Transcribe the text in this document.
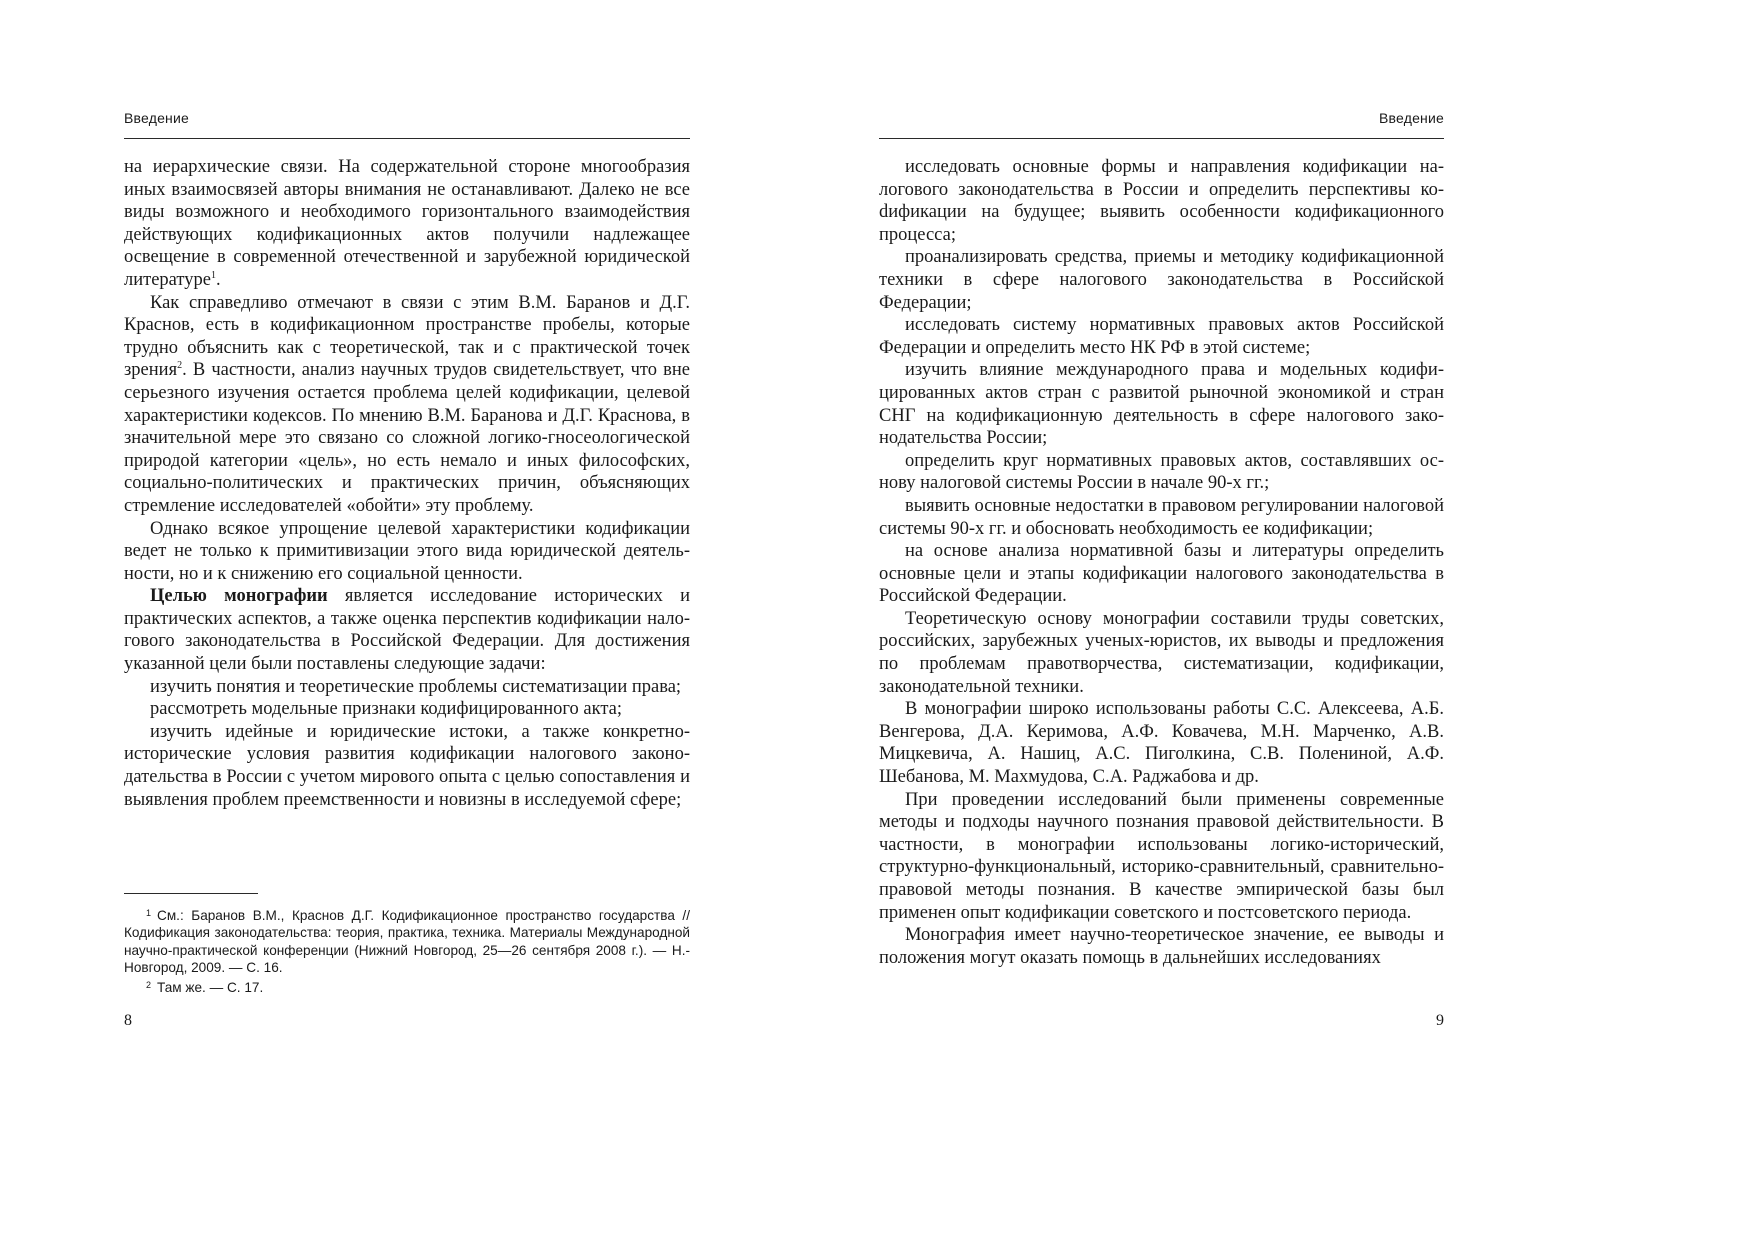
Введение

на иерархические связи. На содержательной стороне многообразия иных взаимосвязей авторы внимания не останавливают. Далеко не все виды возможного и необходимого горизонтального взаимодействия действующих кодификационных актов получили надлежащее освещение в современной отечественной и зарубежной юридической литературе$^1$.

Как справедливо отмечают в связи с этим В.М. Баранов и Д.Г. Краснов, есть в кодификационном пространстве пробелы, которые трудно объяснить как с теоретической, так и с практической точек зрения$^2$. В частности, анализ научных трудов свидетельствует, что вне серьезного изучения остается проблема целей кодификации, целевой характеристики кодексов. По мнению В.М. Баранова и Д.Г. Краснова, в значительной мере это связано со сложной логико-гносеологической природой категории «цель», но есть немало и иных философских, социально-политических и практических причин, объясняющих стремление исследователей «обойти» эту проблему.

Однако всякое упрощение целевой характеристики кодификации ведет не только к примитивизации этого вида юридической деятельности, но и к снижению его социальной ценности.

Целью монографии является исследование исторических и практических аспектов, а также оценка перспектив кодификации налогового законодательства в Российской Федерации. Для достижения указанной цели были поставлены следующие задачи:

изучить понятия и теоретические проблемы систематизации права;

рассмотреть модельные признаки кодифицированного акта;

изучить идейные и юридические истоки, а также конкретно-исторические условия развития кодификации налогового законодательства в России с учетом мирового опыта с целью сопоставления и выявления проблем преемственности и новизны в исследуемой сфере;

$^1$ См.: Баранов В.М., Краснов Д.Г. Кодификационное пространство государства // Кодификация законодательства: теория, практика, техника. Материалы Международной научно-практической конференции (Нижний Новгород, 25—26 сентября 2008 г.). — Н.-Новгород, 2009. — С. 16.

$^2$ Там же. — С. 17.

8
Введение

исследовать основные формы и направления кодификации налогового законодательства в России и определить перспективы коdификации на будущее; выявить особенности кодификационного процесса;

проанализировать средства, приемы и методику кодификационной техники в сфере налогового законодательства в Российской Федерации;

исследовать систему нормативных правовых актов Российской Федерации и определить место НК РФ в этой системе;

изучить влияние международного права и модельных кодифицированных актов стран с развитой рыночной экономикой и стран СНГ на кодификационную деятельность в сфере налогового законодательства России;

определить круг нормативных правовых актов, составлявших основу налоговой системы России в начале 90-х гг.;

выявить основные недостатки в правовом регулировании налоговой системы 90-х гг. и обосновать необходимость ее кодификации;

на основе анализа нормативной базы и литературы определить основные цели и этапы кодификации налогового законодательства в Российской Федерации.

Теоретическую основу монографии составили труды советских, российских, зарубежных ученых-юристов, их выводы и предложения по проблемам правотворчества, систематизации, кодификации, законодательной техники.

В монографии широко использованы работы С.С. Алексеева, А.Б. Венгерова, Д.А. Керимова, А.Ф. Ковачева, М.Н. Марченко, А.В. Мицкевича, А. Нашиц, А.С. Пиголкина, С.В. Полениной, А.Ф. Шебанова, М. Махмудова, С.А. Раджабова и др.

При проведении исследований были применены современные методы и подходы научного познания правовой действительности. В частности, в монографии использованы логико-исторический, структурно-функциональный, историко-сравнительный, сравнительно-правовой методы познания. В качестве эмпирической базы был применен опыт кодификации советского и постсоветского периода.

Монография имеет научно-теоретическое значение, ее выводы и положения могут оказать помощь в дальнейших исследованиях

9
